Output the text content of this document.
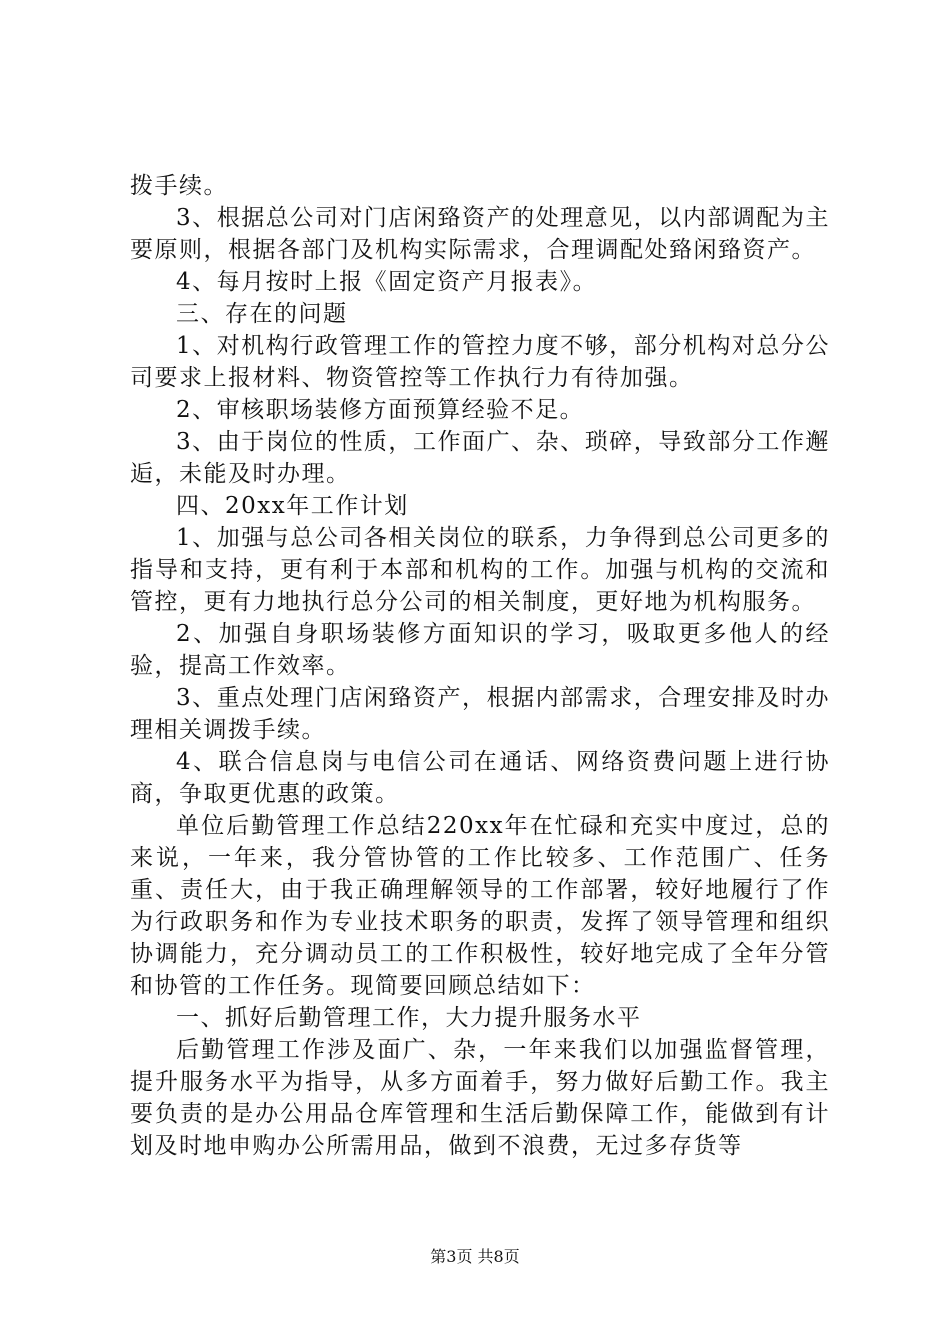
拨手续。

3、根据总公司对门店闲臵资产的处理意见，以内部调配为主要原则，根据各部门及机构实际需求，合理调配处臵闲臵资产。

4、每月按时上报《固定资产月报表》。

三、存在的问题

1、对机构行政管理工作的管控力度不够，部分机构对总分公司要求上报材料、物资管控等工作执行力有待加强。

2、审核职场装修方面预算经验不足。

3、由于岗位的性质，工作面广、杂、琐碎，导致部分工作邂逅，未能及时办理。

四、20xx年工作计划

1、加强与总公司各相关岗位的联系，力争得到总公司更多的指导和支持，更有利于本部和机构的工作。加强与机构的交流和管控，更有力地执行总分公司的相关制度，更好地为机构服务。

2、加强自身职场装修方面知识的学习，吸取更多他人的经验，提高工作效率。

3、重点处理门店闲臵资产，根据内部需求，合理安排及时办理相关调拨手续。

4、联合信息岗与电信公司在通话、网络资费问题上进行协商，争取更优惠的政策。

单位后勤管理工作总结220xx年在忙碌和充实中度过，总的来说，一年来，我分管协管的工作比较多、工作范围广、任务重、责任大，由于我正确理解领导的工作部署，较好地履行了作为行政职务和作为专业技术职务的职责，发挥了领导管理和组织协调能力，充分调动员工的工作积极性，较好地完成了全年分管和协管的工作任务。现简要回顾总结如下：

一、抓好后勤管理工作，大力提升服务水平

后勤管理工作涉及面广、杂，一年来我们以加强监督管理，提升服务水平为指导，从多方面着手，努力做好后勤工作。我主要负责的是办公用品仓库管理和生活后勤保障工作，能做到有计划及时地申购办公所需用品，做到不浪费，无过多存货等

第3页 共8页
